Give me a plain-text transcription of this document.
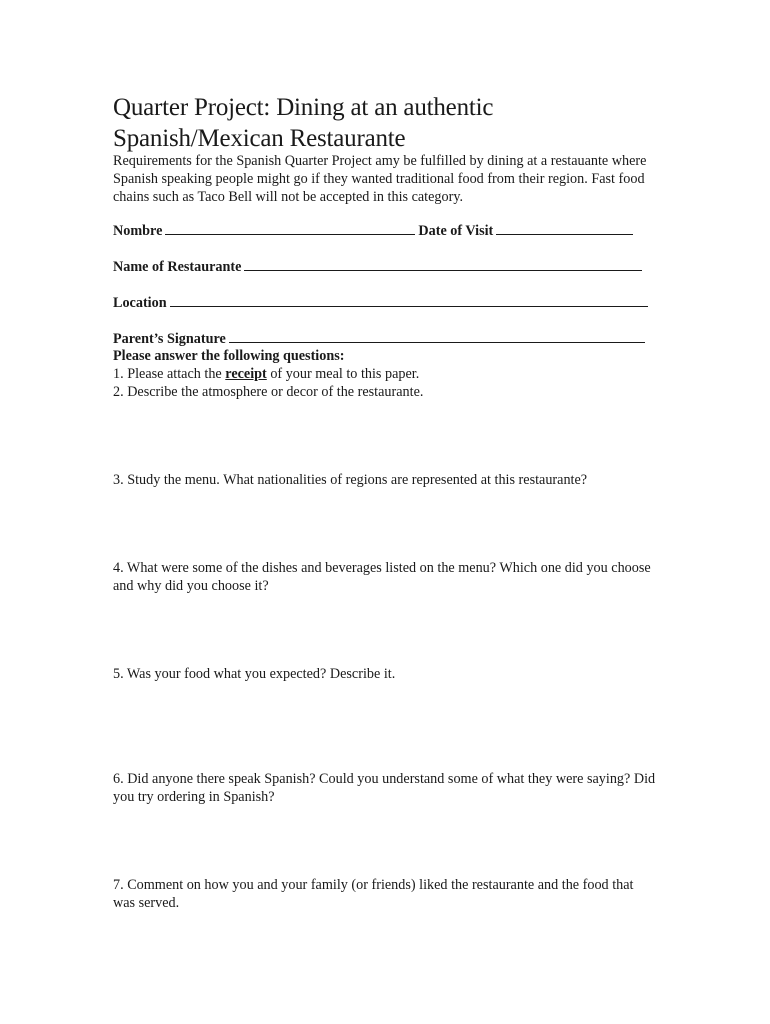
Quarter Project: Dining at an authentic
Spanish/Mexican Restaurante

Requirements for the Spanish Quarter Project amy be fulfilled by dining at a restauante where Spanish speaking people might go if they wanted traditional food from their region. Fast food chains such as Taco Bell will not be accepted in this category.

Nombre	Date of Visit
Name of Restaurante
Location
Parent’s Signature

Please answer the following questions:

1. Please attach the receipt of your meal to this paper.

2. Describe the atmosphere or decor of the restaurante.

3. Study the menu. What nationalities of regions are represented at this restaurante?

4. What were some of the dishes and beverages listed on the menu? Which one did you choose and why did you choose it?

5. Was your food what you expected? Describe it.

6. Did anyone there speak Spanish? Could you understand some of what they were saying? Did you try ordering in Spanish?

7. Comment on how you and your family (or friends) liked the restaurante and the food that was served.
